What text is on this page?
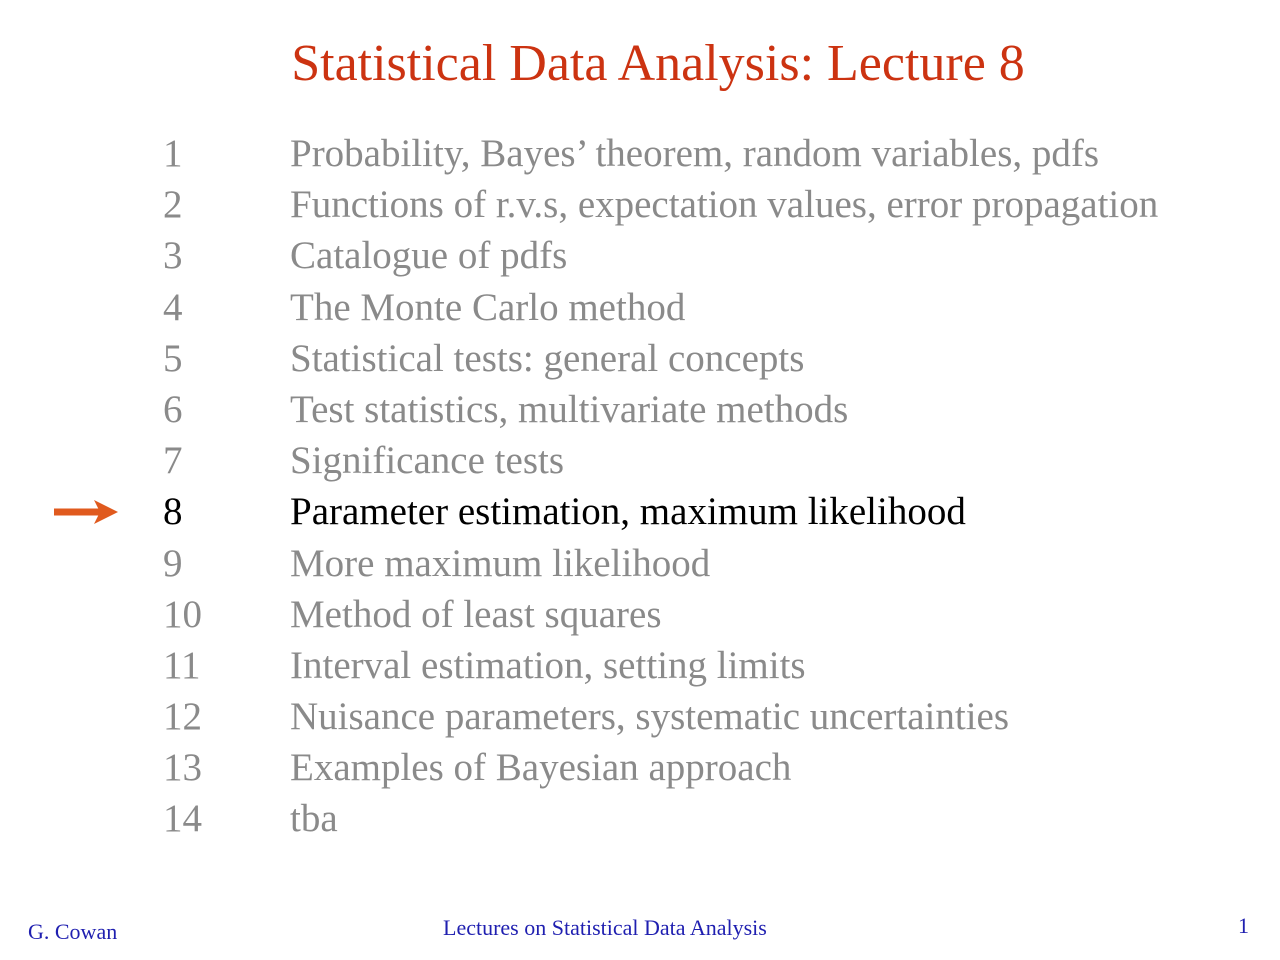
Statistical Data Analysis: Lecture 8
1	Probability, Bayes’ theorem, random variables, pdfs
2	Functions of r.v.s, expectation values, error propagation
3	Catalogue of pdfs
4	The Monte Carlo method
5	Statistical tests: general concepts
6	Test statistics, multivariate methods
7	Significance tests
8	Parameter estimation, maximum likelihood
9	More maximum likelihood
10 Method of least squares
11 Interval estimation, setting limits
12 Nuisance parameters, systematic uncertainties
13 Examples of Bayesian approach
14 tba
G. Cowan	Lectures on Statistical Data Analysis	1
